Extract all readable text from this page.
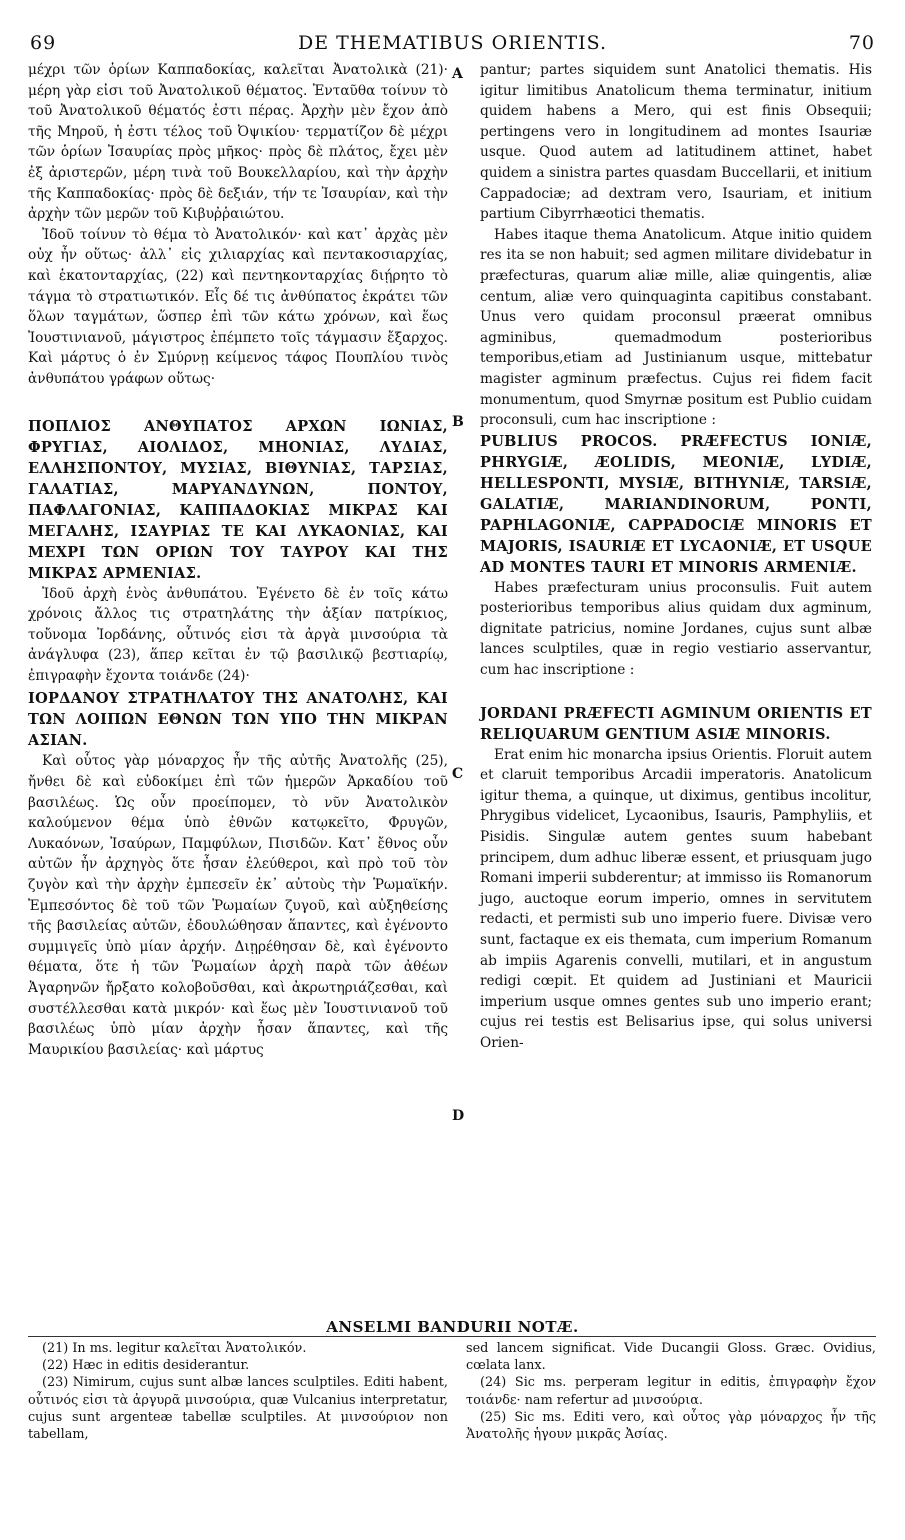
69	DE THEMATIBUS ORIENTIS.	70

μέχρι τῶν ὁρίων Καππαδοκίας, καλεῖται Ἀνατολικὰ (21)· μέρη γὰρ εἰσι τοῦ Ἀνατολικοῦ θέματος. Ἐνταῦθα τοίνυν τὸ τοῦ Ἀνατολικοῦ θέματός ἐστι πέρας. Ἀρχὴν μὲν ἔχον ἀπὸ τῆς Μηροῦ, ἡ ἐστι τέλος τοῦ Ὀψικίου· τερματίζον δὲ μέχρι τῶν ὁρίων Ἰσαυρίας πρὸς μῆκος· πρὸς δὲ πλάτος, ἔχει μὲν ἐξ ἀριστερῶν, μέρη τινὰ τοῦ Βουκελλαρίου, καὶ τὴν ἀρχὴν τῆς Καππαδοκίας· πρὸς δὲ δεξιάν, τήν τε Ἰσαυρίαν, καὶ τὴν ἀρχὴν τῶν μερῶν τοῦ Κιβυῤῥαιώτου.

Ἰδοῦ τοίνυν τὸ θέμα τὸ Ἀνατολικόν· καὶ κατ᾽ ἀρχὰς μὲν οὐχ ἦν οὕτως· ἀλλ᾽ εἰς χιλιαρχίας καὶ πεντακοσιαρχίας, καὶ ἑκατονταρχίας, (22) καὶ πεντηκονταρχίας διῄρητο τὸ τάγμα τὸ στρατιωτικόν. Εἷς δέ τις ἀνθύπατος ἐκράτει τῶν ὅλων ταγμάτων, ὥσπερ ἐπὶ τῶν κάτω χρόνων, καὶ ἕως Ἰουστινιανοῦ, μάγιστρος ἐπέμπετο τοῖς τάγμασιν ἔξαρχος. Καὶ μάρτυς ὁ ἐν Σμύρνῃ κείμενος τάφος Πουπλίου τινὸς ἀνθυπάτου γράφων οὕτως·

ΠΟΠΛΙΟΣ ΑΝΘΥΠΑΤΟΣ ΑΡΧΩΝ ΙΩΝΙΑΣ, ΦΡΥΓΙΑΣ, ΑΙΟΛΙΔΟΣ, ΜΗΟΝΙΑΣ, ΛΥΔΙΑΣ, ΕΛΛΗΣΠΟΝΤΟΥ, ΜΥΣΙΑΣ, ΒΙΘΥΝΙΑΣ, ΤΑΡΣΙΑΣ, ΓΑΛΑΤΙΑΣ, ΜΑΡΥΑΝΔΥΝΩΝ, ΠΟΝΤΟΥ, ΠΑΦΛΑΓΟΝΙΑΣ, ΚΑΠΠΑΔΟΚΙΑΣ ΜΙΚΡΑΣ ΚΑΙ ΜΕΓΑΛΗΣ, ΙΣΑΥΡΙΑΣ ΤΕ ΚΑΙ ΛΥΚΑΟΝΙΑΣ, ΚΑΙ ΜΕΧΡΙ ΤΩΝ ΟΡΙΩΝ ΤΟΥ ΤΑΥΡΟΥ ΚΑΙ ΤΗΣ ΜΙΚΡΑΣ ΑΡΜΕΝΙΑΣ.

Ἰδοῦ ἀρχὴ ἑνὸς ἀνθυπάτου. Ἐγένετο δὲ ἐν τοῖς κάτω χρόνοις ἄλλος τις στρατηλάτης τὴν ἀξίαν πατρίκιος, τοὔνομα Ἰορδάνης, οὗτινός εἰσι τὰ ἀργὰ μινσούρια τὰ ἀνάγλυφα (23), ἅπερ κεῖται ἐν τῷ βασιλικῷ βεστιαρίῳ, ἐπιγραφὴν ἔχοντα τοιάνδε (24)·

ΙΟΡΔΑΝΟΥ ΣΤΡΑΤΗΛΑΤΟΥ ΤΗΣ ΑΝΑΤΟΛΗΣ, ΚΑΙ ΤΩΝ ΛΟΙΠΩΝ ΕΘΝΩΝ ΤΩΝ ΥΠΟ ΤΗΝ ΜΙΚΡΑΝ ΑΣΙΑΝ.

Καὶ οὗτος γὰρ μόναρχος ἦν τῆς αὐτῆς Ἀνατολῆς (25), ἤνθει δὲ καὶ εὐδοκίμει ἐπὶ τῶν ἡμερῶν Ἀρκαδίου τοῦ βασιλέως. Ὡς οὖν προείπομεν, τὸ νῦν Ἀνατολικὸν καλούμενον θέμα ὑπὸ ἐθνῶν κατῳκεῖτο, Φρυγῶν, Λυκαόνων, Ἰσαύρων, Παμφύλων, Πισιδῶν. Κατ᾽ ἔθνος οὖν αὐτῶν ἦν ἀρχηγὸς ὅτε ἦσαν ἐλεύθεροι, καὶ πρὸ τοῦ τὸν ζυγὸν καὶ τὴν ἀρχὴν ἐμπεσεῖν ἐκ᾽ αὐτοὺς τὴν Ῥωμαϊκήν. Ἐμπεσόντος δὲ τοῦ τῶν Ῥωμαίων ζυγοῦ, καὶ αὐξηθείσης τῆς βασιλείας αὐτῶν, ἐδουλώθησαν ἅπαντες, καὶ ἐγένοντο συμμιγεῖς ὑπὸ μίαν ἀρχήν. Διῃρέθησαν δὲ, καὶ ἐγένοντο θέματα, ὅτε ἡ τῶν Ῥωμαίων ἀρχὴ παρὰ τῶν ἀθέων Ἀγαρηνῶν ἤρξατο κολοβοῦσθαι, καὶ ἀκρωτηριάζεσθαι, καὶ συστέλλεσθαι κατὰ μικρόν· καὶ ἕως μὲν Ἰουστινιανοῦ τοῦ βασιλέως ὑπὸ μίαν ἀρχὴν ἦσαν ἅπαντες, καὶ τῆς Μαυρικίου βασιλείας· καὶ μάρτυς

A
B
C
D

pantur; partes siquidem sunt Anatolici thematis. His igitur limitibus Anatolicum thema terminatur, initium quidem habens a Mero, qui est finis Obsequii; pertingens vero in longitudinem ad montes Isauriæ usque. Quod autem ad latitudinem attinet, habet quidem a sinistra partes quasdam Buccellarii, et initium Cappadociæ; ad dextram vero, Isauriam, et initium partium Cibyrrhæotici thematis.

Habes itaque thema Anatolicum. Atque initio quidem res ita se non habuit; sed agmen militare dividebatur in præfecturas, quarum aliæ mille, aliæ quingentis, aliæ centum, aliæ vero quinquaginta capitibus constabant. Unus vero quidam proconsul præerat omnibus agminibus, quemadmodum posterioribus temporibus,etiam ad Justinianum usque, mittebatur magister agminum præfectus. Cujus rei fidem facit monumentum, quod Smyrnæ positum est Publio cuidam proconsuli, cum hac inscriptione :

PUBLIUS PROCOS. PRÆFECTUS IONIÆ, PHRYGIÆ, ÆOLIDIS, MEONIÆ, LYDIÆ, HELLESPONTI, MYSIÆ, BITHYNIÆ, TARSIÆ, GALATIÆ, MARIANDINORUM, PONTI, PAPHLAGONIÆ, CAPPADOCIÆ MINORIS ET MAJORIS, ISAURIÆ ET LYCAONIÆ, ET USQUE AD MONTES TAURI ET MINORIS ARMENIÆ.

Habes præfecturam unius proconsulis. Fuit autem posterioribus temporibus alius quidam dux agminum, dignitate patricius, nomine Jordanes, cujus sunt albæ lances sculptiles, quæ in regio vestiario asservantur, cum hac inscriptione :

JORDANI PRÆFECTI AGMINUM ORIENTIS ET RELIQUARUM GENTIUM ASIÆ MINORIS.

Erat enim hic monarcha ipsius Orientis. Floruit autem et claruit temporibus Arcadii imperatoris. Anatolicum igitur thema, a quinque, ut diximus, gentibus incolitur, Phrygibus videlicet, Lycaonibus, Isauris, Pamphyliis, et Pisidis. Singulæ autem gentes suum habebant principem, dum adhuc liberæ essent, et priusquam jugo Romani imperii subderentur; at immisso iis Romanorum jugo, auctoque eorum imperio, omnes in servitutem redacti, et permisti sub uno imperio fuere. Divisæ vero sunt, factaque ex eis themata, cum imperium Romanum ab impiis Agarenis convelli, mutilari, et in angustum redigi cœpit. Et quidem ad Justiniani et Mauricii imperium usque omnes gentes sub uno imperio erant; cujus rei testis est Belisarius ipse, qui solus universi Orien-

ANSELMI BANDURII NOTÆ.

(21) In ms. legitur καλεῖται Ἀνατολικόν.

(22) Hæc in editis desiderantur.

(23) Nimirum, cujus sunt albæ lances sculptiles. Editi habent, οὗτινός εἰσι τὰ ἀργυρᾶ μινσούρια, quæ Vulcanius interpretatur, cujus sunt argenteæ tabellæ sculptiles. At μινσούριον non tabellam,

sed lancem significat. Vide Ducangii Gloss. Græc. Ovidius, cœlata lanx.

(24) Sic ms. perperam legitur in editis, ἐπιγραφὴν ἔχον τοιάνδε· nam refertur ad μινσούρια.

(25) Sic ms. Editi vero, καὶ οὗτος γὰρ μόναρχος ἦν τῆς Ἀνατολῆς ἡγουν μικρᾶς Ἀσίας.
